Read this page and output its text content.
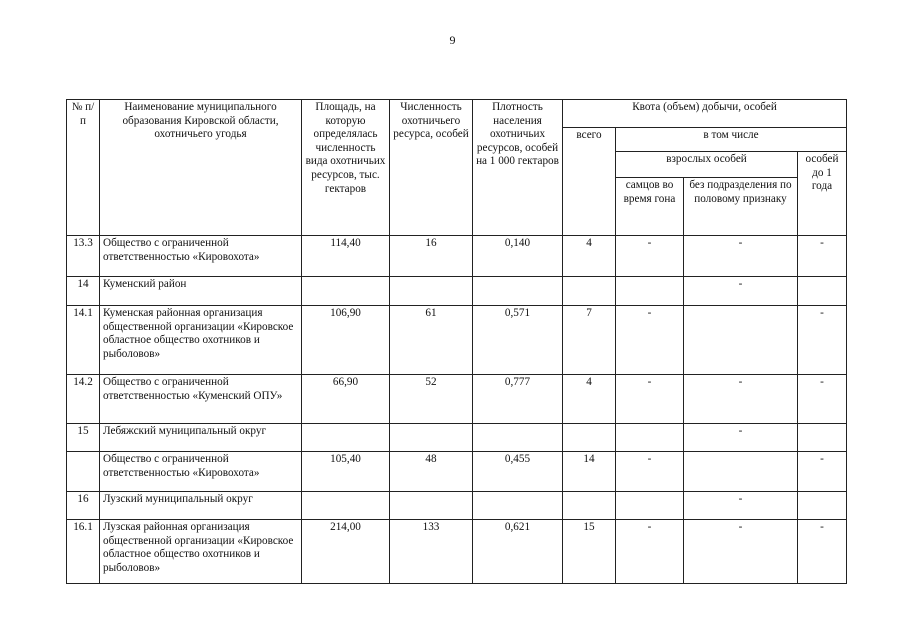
9
№ п/п	Наименование муниципального образования Кировской области, охотничьего угодья	Площадь, на которую определялась численность вида охотничьих ресурсов, тыс. гектаров	Численность охотничьего ресурса, особей	Плотность населения охотничьих ресурсов, особей на 1 000 гектаров	Квота (объем) добычи, особей			
					всего	в том числе		
						взрослых особей		особей до 1 года
						самцов во время гона	без подразделения по половому признаку	
13.3	Общество с ограниченной ответственностью «Кировохота»	114,40	16	0,140	4	-	-	-
14	Куменский район						-	
14.1	Куменская районная организация общественной организации «Кировское областное общество охотников и рыболовов»	106,90	61	0,571	7	-		-
14.2	Общество с ограниченной ответственностью «Куменский ОПУ»	66,90	52	0,777	4	-	-	-
15	Лебяжский муниципальный округ						-	
	Общество с ограниченной ответственностью «Кировохота»	105,40	48	0,455	14	-		-
16	Лузский муниципальный округ						-	
16.1	Лузская районная организация общественной организации «Кировское областное общество охотников и рыболовов»	214,00	133	0,621	15	-	-	-
